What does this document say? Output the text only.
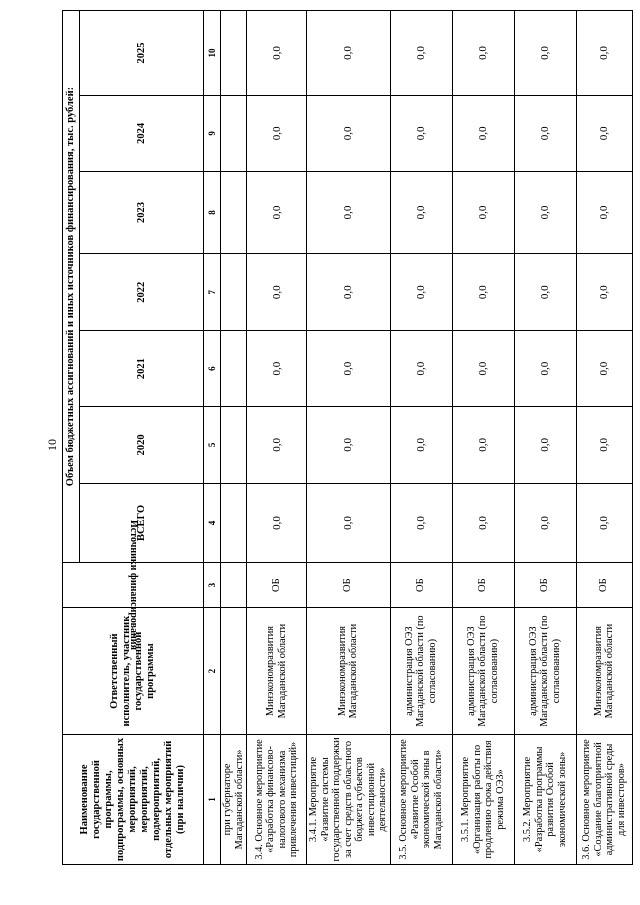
10
Наименование государственной программы, подпрограммы, основных мероприятий, мероприятий, подмероприятий, отдельных мероприятий (при наличии)	Ответственный исполнитель, участник государственной программы	Источники финансирования	Объем бюджетных ассигнований и иных источников финансирования, тыс. рублей:						
			ВСЕГО	2020	2021	2022	2023	2024	2025
1	2	3	4	5	6	7	8	9	10
при губернаторе Магаданской области»									
3.4. Основное мероприятие «Разработка финансово-налогового механизма привлечения инвестиций»	Минэкономразвития Магаданской области	ОБ	0,0	0,0	0,0	0,0	0,0	0,0	0,0
3.4.1. Мероприятие «Развитие системы государственной поддержки за счет средств областного бюджета субъектов инвестиционной деятельности»	Минэкономразвития Магаданской области	ОБ	0,0	0,0	0,0	0,0	0,0	0,0	0,0
3.5. Основное мероприятие «Развитие Особой экономической зоны в Магаданской области»	администрация ОЭЗ Магаданской области (по согласованию)	ОБ	0,0	0,0	0,0	0,0	0,0	0,0	0,0
3.5.1. Мероприятие «Организация работы по продлению срока действия режима ОЭЗ»	администрация ОЭЗ Магаданской области (по согласованию)	ОБ	0,0	0,0	0,0	0,0	0,0	0,0	0,0
3.5.2. Мероприятие «Разработка программы развития Особой экономической зоны»	администрация ОЭЗ Магаданской области (по согласованию)	ОБ	0,0	0,0	0,0	0,0	0,0	0,0	0,0
3.6. Основное мероприятие «Создание благоприятной административной среды для инвесторов»	Минэкономразвития Магаданской области	ОБ	0,0	0,0	0,0	0,0	0,0	0,0	0,0
